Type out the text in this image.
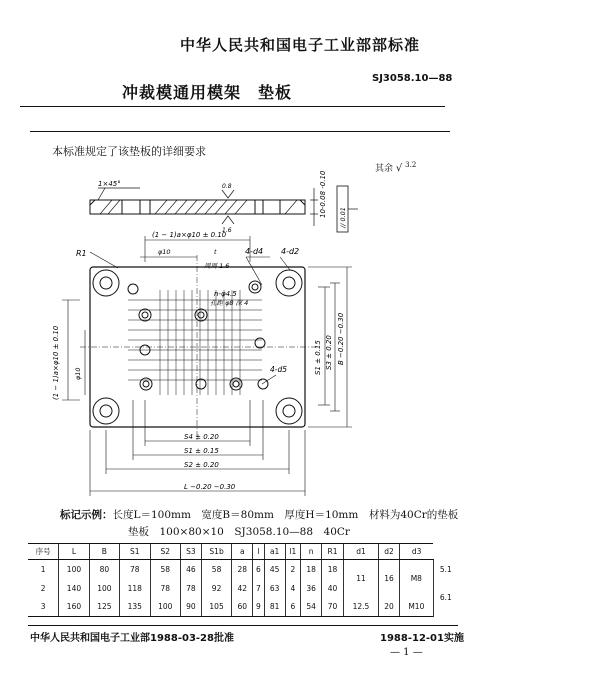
中华人民共和国电子工业部部标准
冲裁模通用模架　垫板
SJ3058.10—88
本标准规定了该垫板的详细要求
其余 √ $^{3.2}$
1×45°	0.8
1.6
10-0.08 -0.10 // 0.01
(1 − 1)a×φ10 ± 0.10
R1	4-d4 4-d2
φ10	t
周周 1.6
n-φ4.5
孔距 φ8 深 4
(1 − 1)a×φ10 ± 0.10 φ10	S1 ± 0.15 S3 ± 0.20 B −0.20 −0.30
4-d5
S4 ± 0.20
S1 ± 0.15
S2 ± 0.20
L −0.20 −0.30
标记示例：长度L＝100mm　宽度B＝80mm　厚度H＝10mm　材料为40Cr的垫板
垫板　100×80×10　SJ3058.10—88　40Cr
序号	L	B	S1	S2	S3	S1b	a	l	a1	l1	n	R1	d1	d2	d3	
1	100	80	78	58	46	58	28	6	45	2	18	18	11	16	M8	5.1
2	140	100	118	78	78	92	42	7	63	4	36	40				6.1
3	160	125	135	100	90	105	60	9	81	6	54	70	12.5	20	M10	
中华人民共和国电子工业部1988-03-28批准	1988-12-01实施
— 1 —
